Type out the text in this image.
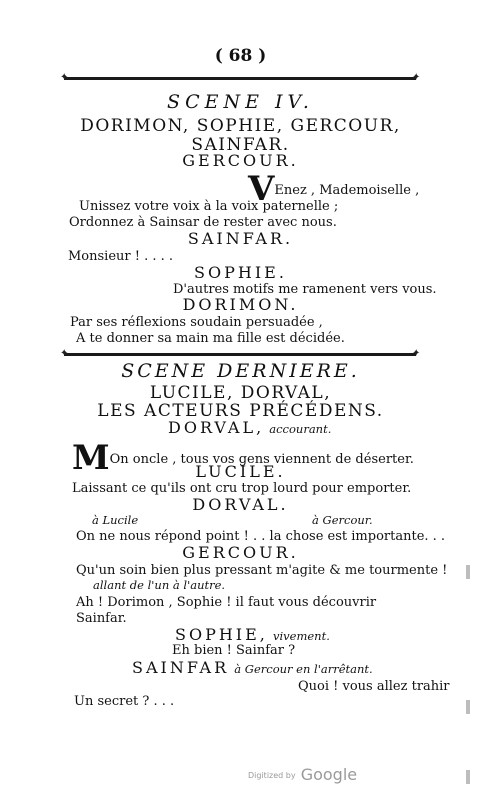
( 68 )
✦	✦
SCENE IV.
DORIMON, SOPHIE, GERCOUR,
SAINFAR.
GERCOUR.
VEnez , Mademoiselle ,
Unissez votre voix à la voix paternelle ;
Ordonnez à Sainsar de rester avec nous.
SAINFAR.
Monsieur ! . . . .
SOPHIE.
D'autres motifs me ramenent vers vous.
DORIMON.
Par ses réflexions soudain persuadée ,
A te donner sa main ma fille est décidée.
✦	✦
SCENE DERNIERE.
LUCILE, DORVAL,
LES ACTEURS PRÉCÉDENS.
DORVAL, accourant.
MOn oncle , tous vos gens viennent de déserter.
LUCILE.
Laissant ce qu'ils ont cru trop lourd pour emporter.
DORVAL.
à Lucile	à Gercour.
On ne nous répond point ! . . la chose est importante. . .
GERCOUR.
Qu'un soin bien plus pressant m'agite & me tourmente !
allant de l'un à l'autre.
Ah ! Dorimon , Sophie ! il faut vous découvrir
Sainfar.
SOPHIE, vivement.
Eh bien ! Sainfar ?
SAINFAR à Gercour en l'arrêtant.
Quoi ! vous allez trahir
Un secret ? . . .
Digitized by Google
